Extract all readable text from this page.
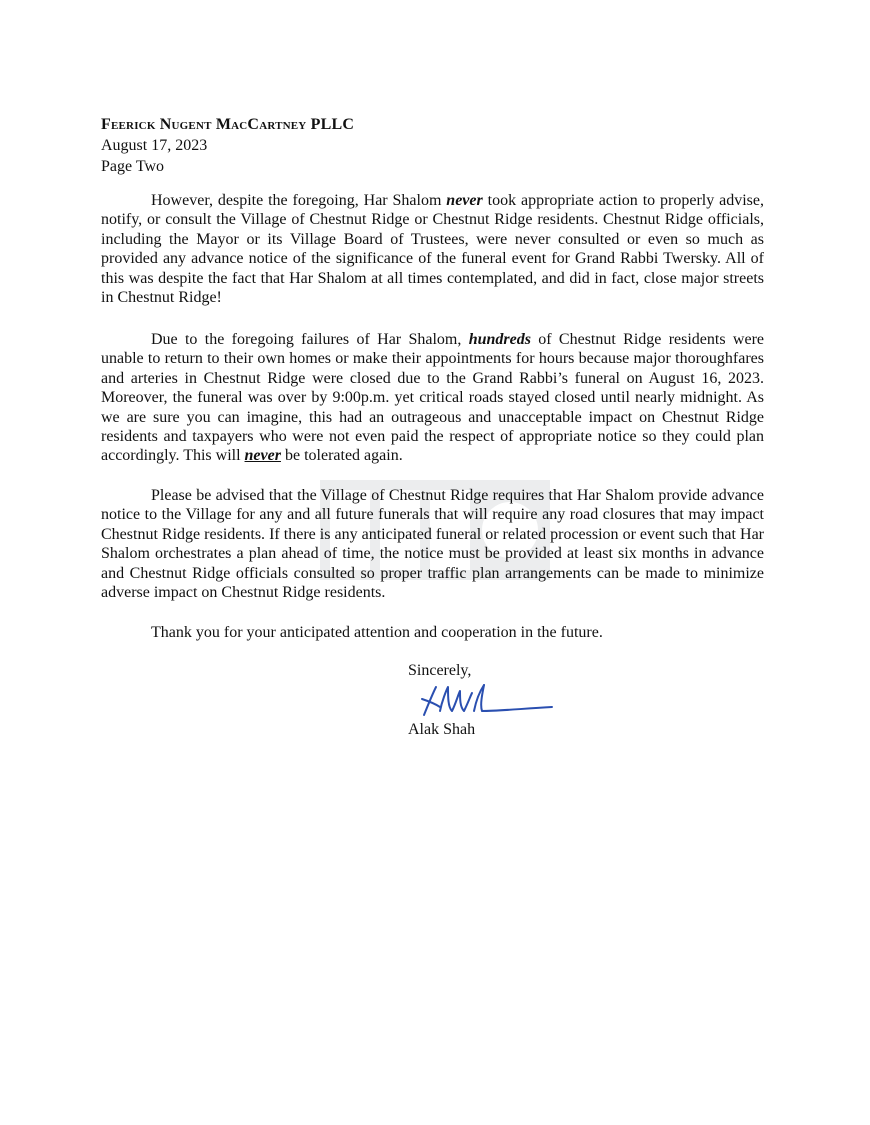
Feerick Nugent MacCartney PLLC
August 17, 2023
Page Two

However, despite the foregoing, Har Shalom never took appropriate action to properly advise, notify, or consult the Village of Chestnut Ridge or Chestnut Ridge residents. Chestnut Ridge officials, including the Mayor or its Village Board of Trustees, were never consulted or even so much as provided any advance notice of the significance of the funeral event for Grand Rabbi Twersky. All of this was despite the fact that Har Shalom at all times contemplated, and did in fact, close major streets in Chestnut Ridge!

Due to the foregoing failures of Har Shalom, hundreds of Chestnut Ridge residents were unable to return to their own homes or make their appointments for hours because major thoroughfares and arteries in Chestnut Ridge were closed due to the Grand Rabbi’s funeral on August 16, 2023. Moreover, the funeral was over by 9:00p.m. yet critical roads stayed closed until nearly midnight. As we are sure you can imagine, this had an outrageous and unacceptable impact on Chestnut Ridge residents and taxpayers who were not even paid the respect of appropriate notice so they could plan accordingly. This will never be tolerated again.

Please be advised that the Village of Chestnut Ridge requires that Har Shalom provide advance notice to the Village for any and all future funerals that will require any road closures that may impact Chestnut Ridge residents. If there is any anticipated funeral or related procession or event such that Har Shalom orchestrates a plan ahead of time, the notice must be provided at least six months in advance and Chestnut Ridge officials consulted so proper traffic plan arrangements can be made to minimize adverse impact on Chestnut Ridge residents.

Thank you for your anticipated attention and cooperation in the future.

Sincerely,
Alak Shah
